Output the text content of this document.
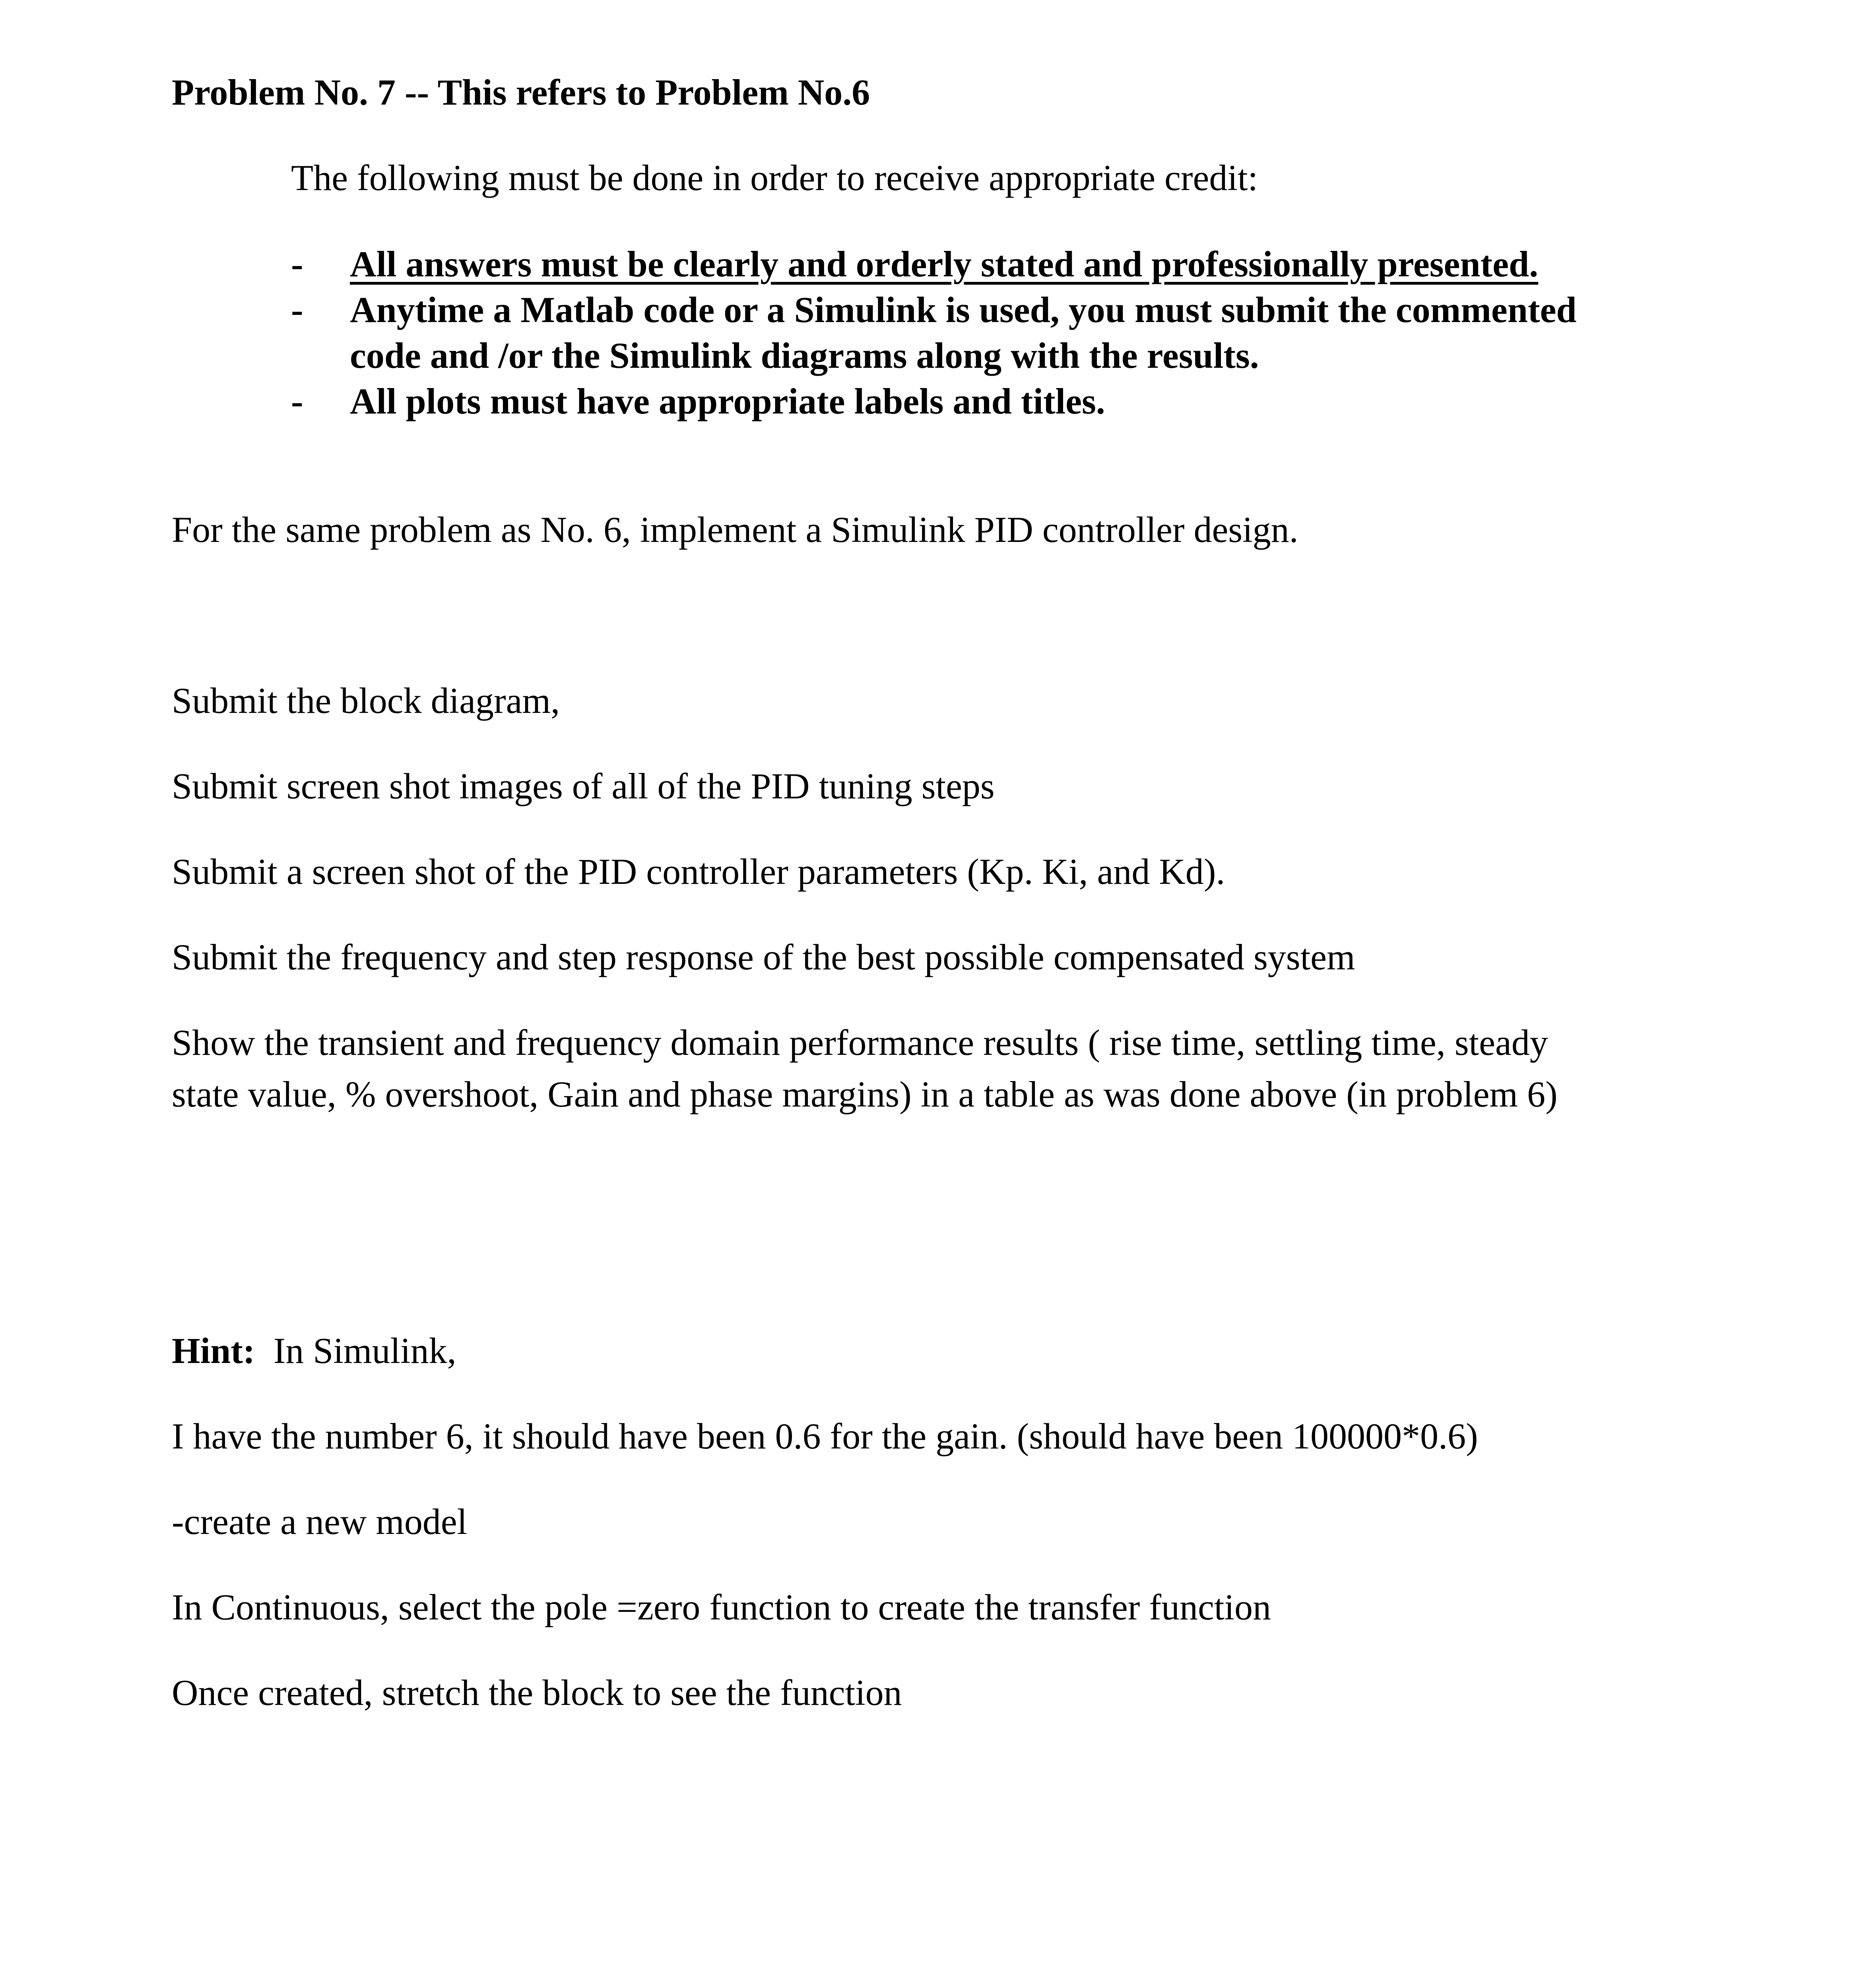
Problem No. 7 -- This refers to Problem No.6

The following must be done in order to receive appropriate credit:

- All answers must be clearly and orderly stated and professionally presented.
- Anytime a Matlab code or a Simulink is used, you must submit the commented
code and /or the Simulink diagrams along with the results.
- All plots must have appropriate labels and titles.

For the same problem as No. 6, implement a Simulink PID controller design.

Submit the block diagram,

Submit screen shot images of all of the PID tuning steps

Submit a screen shot of the PID controller parameters (Kp. Ki, and Kd).

Submit the frequency and step response of the best possible compensated system

Show the transient and frequency domain performance results ( rise time, settling time, steady

state value, % overshoot, Gain and phase margins) in a table as was done above (in problem 6)

Hint: In Simulink,

I have the number 6, it should have been 0.6 for the gain. (should have been 100000*0.6)

-create a new model

In Continuous, select the pole =zero function to create the transfer function

Once created, stretch the block to see the function
